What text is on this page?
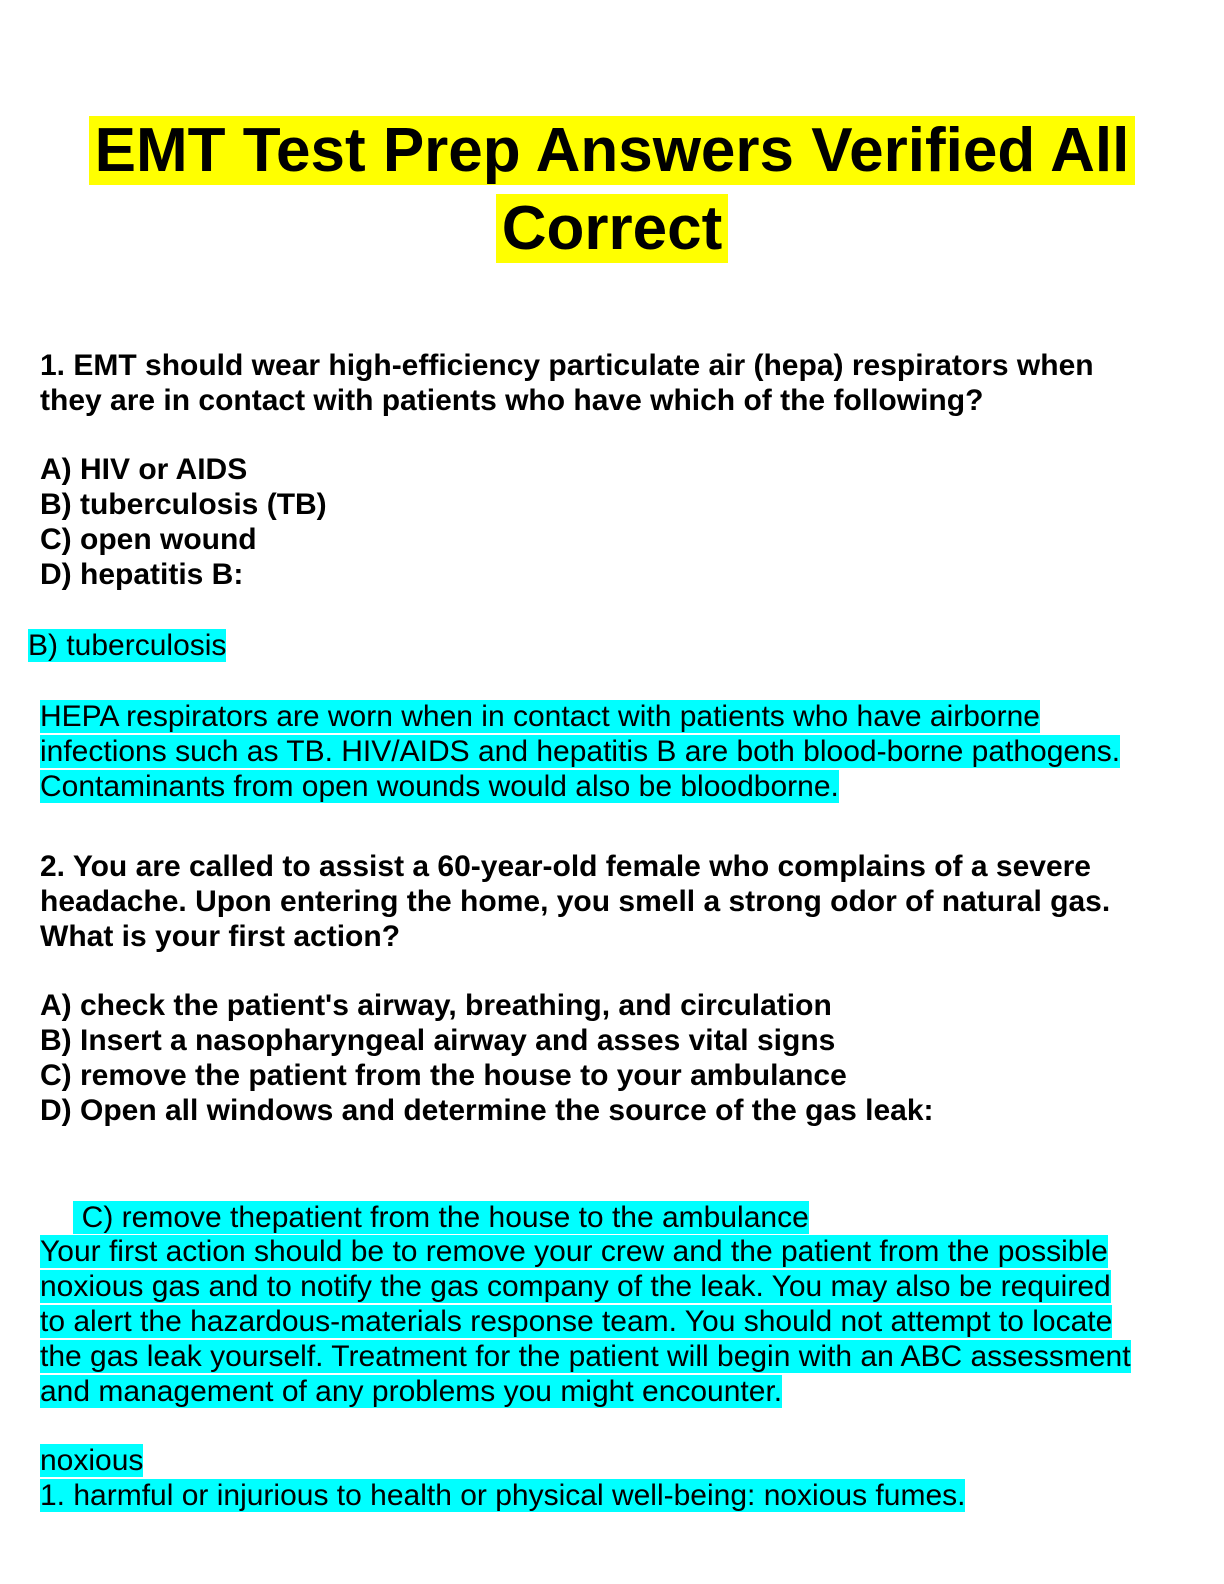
EMT Test Prep Answers Verified All
Correct
1. EMT should wear high-efficiency particulate air (hepa) respirators when
they are in contact with patients who have which of the following?
A) HIV or AIDS
B) tuberculosis (TB)
C) open wound
D) hepatitis B:
B) tuberculosis
HEPA respirators are worn when in contact with patients who have airborne
infections such as TB. HIV/AIDS and hepatitis B are both blood-borne pathogens.
Contaminants from open wounds would also be bloodborne.
2. You are called to assist a 60-year-old female who complains of a severe
headache. Upon entering the home, you smell a strong odor of natural gas.
What is your first action?
A) check the patient's airway, breathing, and circulation
B) Insert a nasopharyngeal airway and asses vital signs
C) remove the patient from the house to your ambulance
D) Open all windows and determine the source of the gas leak:

C) remove thepatient from the house to the ambulance

Your first action should be to remove your crew and the patient from the possible
noxious gas and to notify the gas company of the leak. You may also be required
to alert the hazardous-materials response team. You should not attempt to locate
the gas leak yourself. Treatment for the patient will begin with an ABC assessment
and management of any problems you might encounter.
noxious
1. harmful or injurious to health or physical well-being: noxious fumes.
